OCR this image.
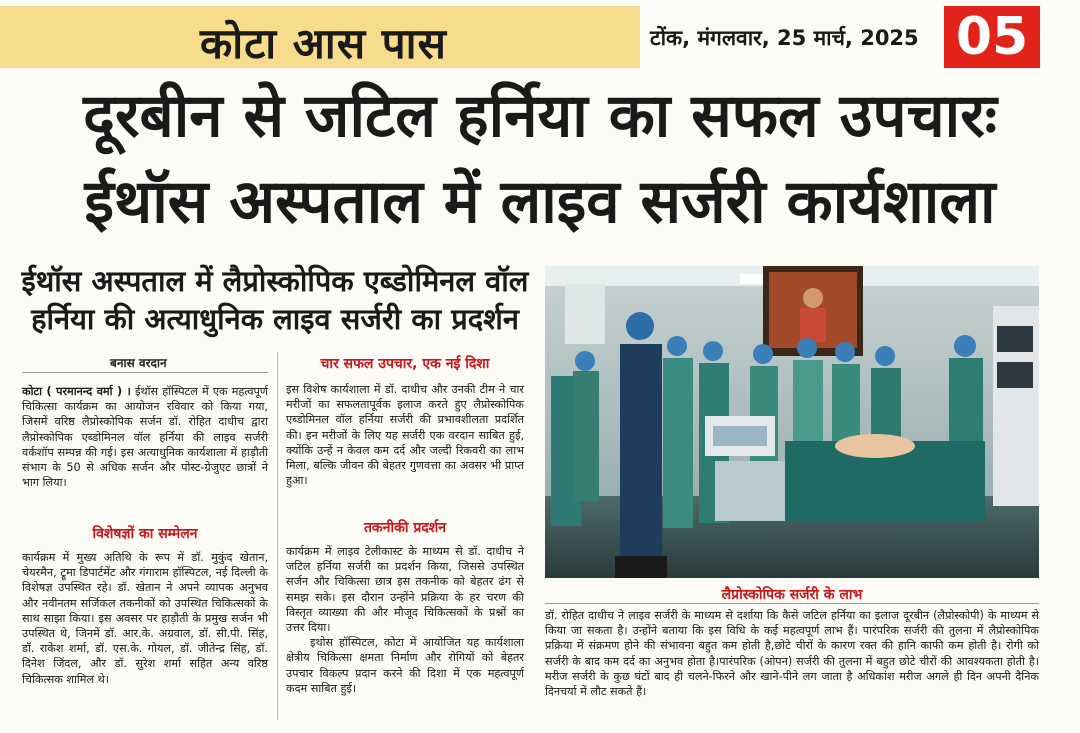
कोटा आस पास	टोंक, मंगलवार, 25 मार्च, 2025 05
दूरबीन से जटिल हर्निया का सफल उपचारः
ईथॉस अस्पताल में लाइव सर्जरी कार्यशाला
ईथॉस अस्पताल में लैप्रोस्कोपिक एब्डोमिनल वॉल हर्निया की अत्याधुनिक लाइव सर्जरी का प्रदर्शन
बनास वरदान

कोटा ( परमानन्द वर्मा ) । ईथॉस हॉस्पिटल में एक महत्वपूर्ण चिकित्सा कार्यक्रम का आयोजन रविवार को किया गया, जिसमें वरिष्ठ लैप्रोस्कोपिक सर्जन डॉ. रोहित दाधीच द्वारा लैप्रोस्कोपिक एब्डोमिनल वॉल हर्निया की लाइव सर्जरी वर्कशॉप सम्पन्न की गई। इस अत्याधुनिक कार्यशाला में हाड़ौती संभाग के 50 से अधिक सर्जन और पोस्ट-ग्रेजुएट छात्रों ने भाग लिया।

विशेषज्ञों का सम्मेलन
कार्यक्रम में मुख्य अतिथि के रूप में डॉ. मुकुंद खेतान, चेयरमैन, ट्रूमा डिपार्टमेंट और गंगाराम हॉस्पिटल, नई दिल्ली के विशेषज्ञ उपस्थित रहे। डॉ. खेतान ने अपने व्यापक अनुभव और नवीनतम सर्जिकल तकनीकों को उपस्थित चिकित्सकों के साथ साझा किया। इस अवसर पर हाड़ौती के प्रमुख सर्जन भी उपस्थित थे, जिनमें डॉ. आर.के. अग्रवाल, डॉ. सी.पी. सिंह, डॉ. राकेश शर्मा, डॉ. एस.के. गोयल, डॉ. जीतेन्द्र सिंह, डॉ. दिनेश जिंदल, और डॉ. सुरेश शर्मा सहित अन्य वरिष्ठ चिकित्सक शामिल थे।
चार सफल उपचार, एक नई दिशा
इस विशेष कार्यशाला में डॉ. दाधीच और उनकी टीम ने चार मरीजों का सफलतापूर्वक इलाज करते हुए लैप्रोस्कोपिक एब्डोमिनल वॉल हर्निया सर्जरी की प्रभावशीलता प्रदर्शित की। इन मरीजों के लिए यह सर्जरी एक वरदान साबित हुई, क्योंकि उन्हें न केवल कम दर्द और जल्दी रिकवरी का लाभ मिला, बल्कि जीवन की बेहतर गुणवत्ता का अवसर भी प्राप्त हुआ।
तकनीकी प्रदर्शन

कार्यक्रम में लाइव टेलीकास्ट के माध्यम से डॉ. दाधीच ने जटिल हर्निया सर्जरी का प्रदर्शन किया, जिससे उपस्थित सर्जन और चिकित्सा छात्र इस तकनीक को बेहतर ढंग से समझ सके। इस दौरान उन्होंने प्रक्रिया के हर चरण की विस्तृत व्याख्या की और मौजूद चिकित्सकों के प्रश्नों का उत्तर दिया।

इथोस हॉस्पिटल, कोटा में आयोजित यह कार्यशाला क्षेत्रीय चिकित्सा क्षमता निर्माण और रोगियों को बेहतर उपचार विकल्प प्रदान करने की दिशा में एक महत्वपूर्ण कदम साबित हुई।

लैप्रोस्कोपिक सर्जरी के लाभ
डॉ. रोहित दाधीच ने लाइव सर्जरी के माध्यम से दर्शाया कि कैसे जटिल हर्निया का इलाज दूरबीन (लैप्रोस्कोपी) के माध्यम से किया जा सकता है। उन्होंने बताया कि इस विधि के कई महत्वपूर्ण लाभ हैं। पारंपरिक सर्जरी की तुलना में लैप्रोस्कोपिक प्रक्रिया में संक्रमण होने की संभावना बहुत कम होती है,छोटे चीरों के कारण रक्त की हानि काफी कम होती है। रोगी को सर्जरी के बाद कम दर्द का अनुभव होता है।पारंपरिक (ओपन) सर्जरी की तुलना में बहुत छोटे चीरों की आवश्यकता होती है। मरीज सर्जरी के कुछ घंटों बाद ही चलने-फिरने और खाने-पीने लग जाता है अधिकांश मरीज अगले ही दिन अपनी दैनिक दिनचर्या में लौट सकते हैं।
